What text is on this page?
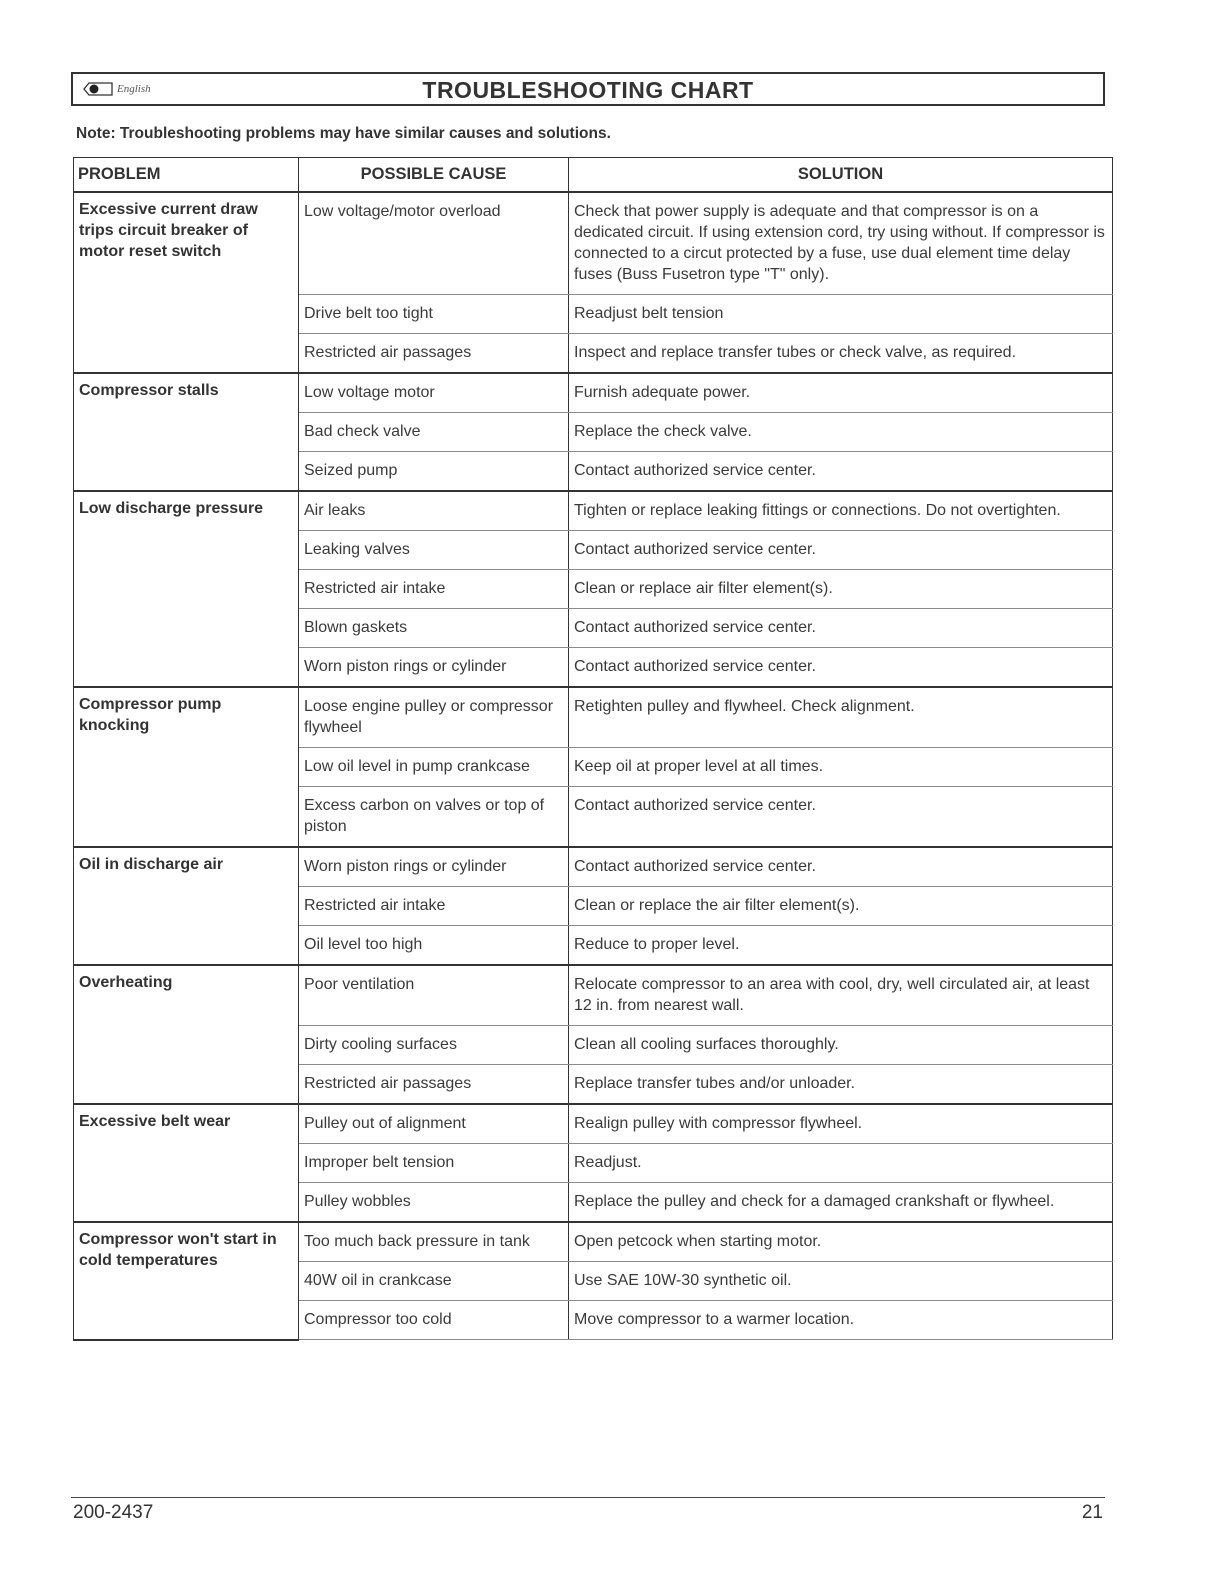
English	TROUBLESHOOTING CHART
Note: Troubleshooting problems may have similar causes and solutions.
PROBLEM	POSSIBLE CAUSE	SOLUTION
Excessive current draw trips circuit breaker of motor reset switch	Low voltage/motor overload	Check that power supply is adequate and that compressor is on a dedicated circuit. If using extension cord, try using without. If compressor is connected to a circut protected by a fuse, use dual element time delay fuses (Buss Fusetron type "T" only).
	Drive belt too tight	Readjust belt tension
	Restricted air passages	Inspect and replace transfer tubes or check valve, as required.
Compressor stalls	Low voltage motor	Furnish adequate power.
	Bad check valve	Replace the check valve.
	Seized pump	Contact authorized service center.
Low discharge pressure	Air leaks	Tighten or replace leaking fittings or connections. Do not overtighten.
	Leaking valves	Contact authorized service center.
	Restricted air intake	Clean or replace air filter element(s).
	Blown gaskets	Contact authorized service center.
	Worn piston rings or cylinder	Contact authorized service center.
Compressor pump knocking	Loose engine pulley or compressor flywheel	Retighten pulley and flywheel. Check alignment.
	Low oil level in pump crankcase	Keep oil at proper level at all times.
	Excess carbon on valves or top of piston	Contact authorized service center.
Oil in discharge air	Worn piston rings or cylinder	Contact authorized service center.
	Restricted air intake	Clean or replace the air filter element(s).
	Oil level too high	Reduce to proper level.
Overheating	Poor ventilation	Relocate compressor to an area with cool, dry, well circulated air, at least 12 in. from nearest wall.
	Dirty cooling surfaces	Clean all cooling surfaces thoroughly.
	Restricted air passages	Replace transfer tubes and/or unloader.
Excessive belt wear	Pulley out of alignment	Realign pulley with compressor flywheel.
	Improper belt tension	Readjust.
	Pulley wobbles	Replace the pulley and check for a damaged crankshaft or flywheel.
Compressor won't start in cold temperatures	Too much back pressure in tank	Open petcock when starting motor.
	40W oil in crankcase	Use SAE 10W-30 synthetic oil.
	Compressor too cold	Move compressor to a warmer location.
200-2437	21
